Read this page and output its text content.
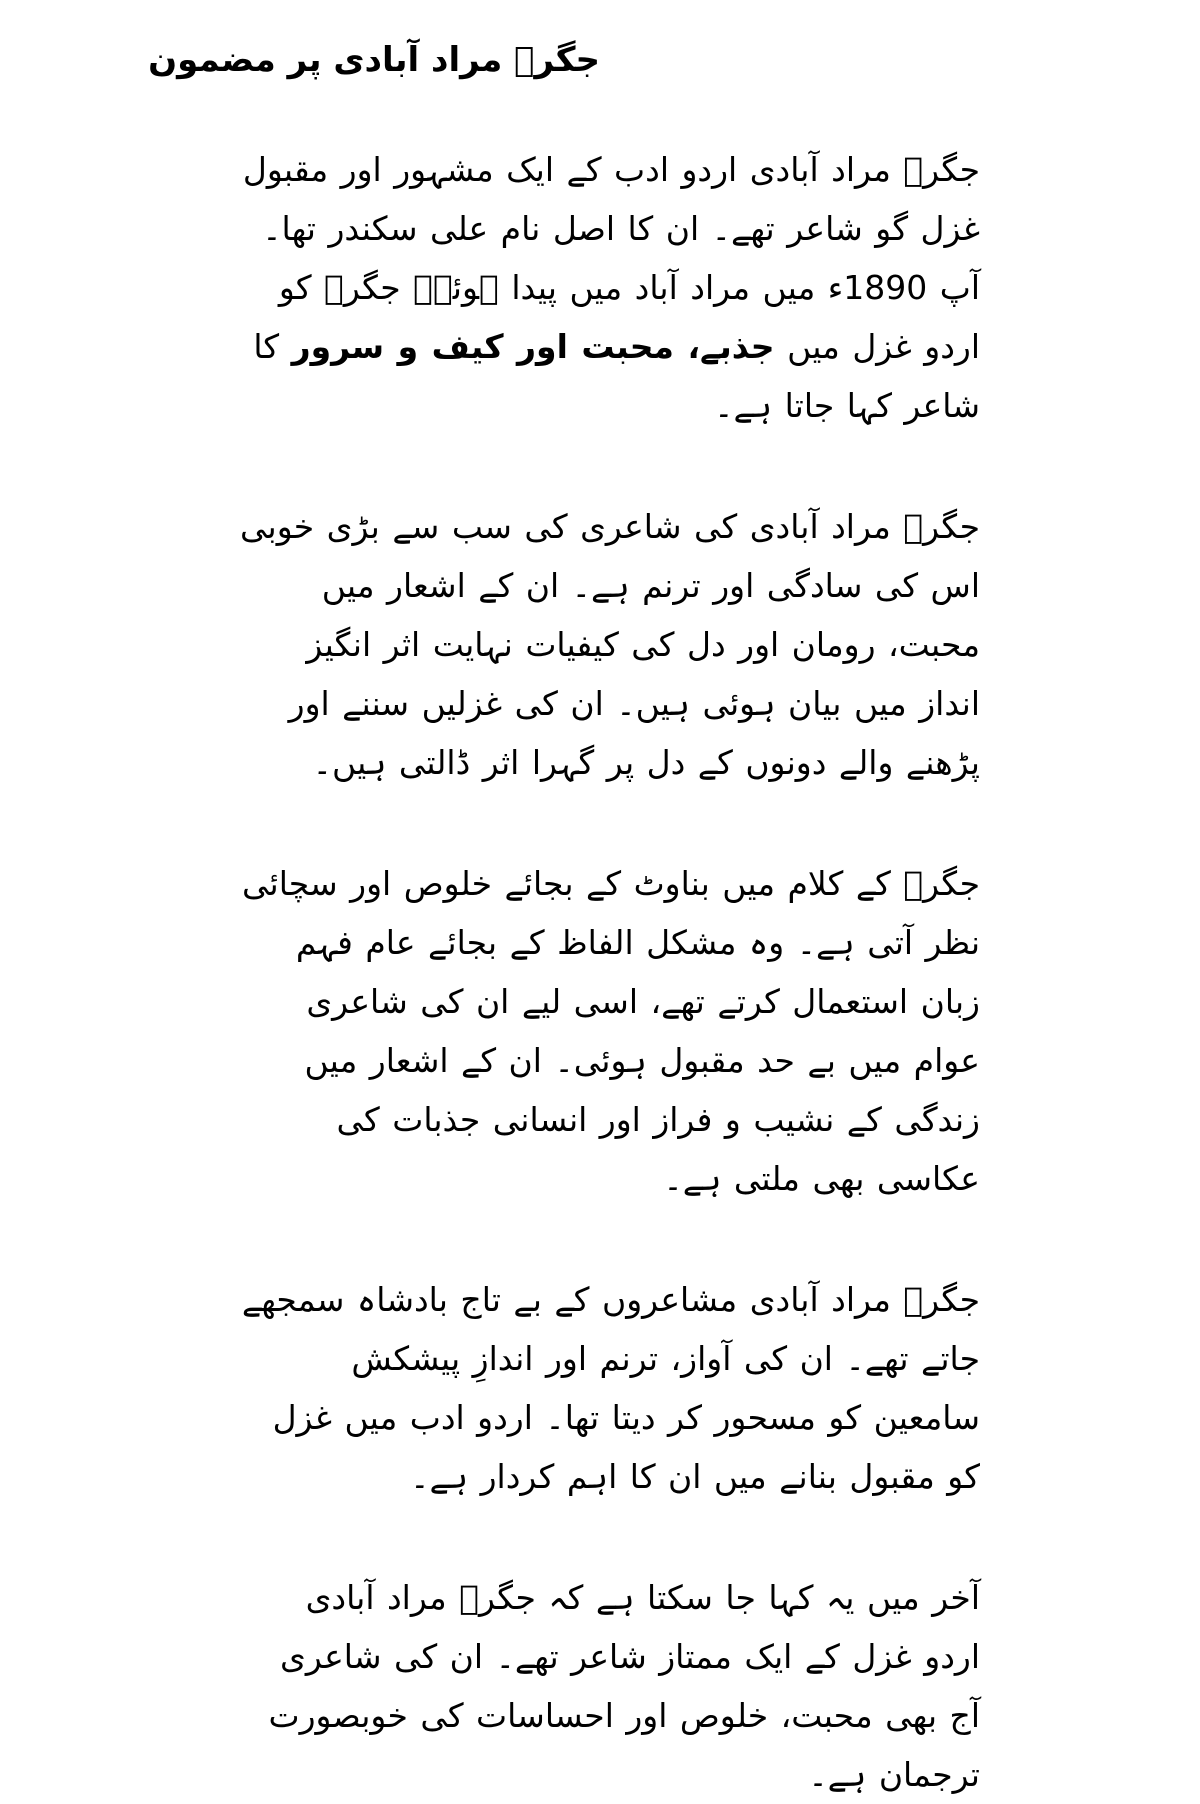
جگرؔ مراد آبادی پر مضمون

جگرؔ مراد آبادی اردو ادب کے ایک مشہور اور مقبول غزل گو شاعر تھے۔ ان کا اصل نام علی سکندر تھا۔ آپ 1890ء میں مراد آباد میں پیدا ہوئے۔ جگرؔ کو اردو غزل میں جذبے، محبت اور کیف و سرور کا شاعر کہا جاتا ہے۔

جگرؔ مراد آبادی کی شاعری کی سب سے بڑی خوبی اس کی سادگی اور ترنم ہے۔ ان کے اشعار میں محبت، رومان اور دل کی کیفیات نہایت اثر انگیز انداز میں بیان ہوئی ہیں۔ ان کی غزلیں سننے اور پڑھنے والے دونوں کے دل پر گہرا اثر ڈالتی ہیں۔

جگرؔ کے کلام میں بناوٹ کے بجائے خلوص اور سچائی نظر آتی ہے۔ وہ مشکل الفاظ کے بجائے عام فہم زبان استعمال کرتے تھے، اسی لیے ان کی شاعری عوام میں بے حد مقبول ہوئی۔ ان کے اشعار میں زندگی کے نشیب و فراز اور انسانی جذبات کی عکاسی بھی ملتی ہے۔

جگرؔ مراد آبادی مشاعروں کے بے تاج بادشاہ سمجھے جاتے تھے۔ ان کی آواز، ترنم اور اندازِ پیشکش سامعین کو مسحور کر دیتا تھا۔ اردو ادب میں غزل کو مقبول بنانے میں ان کا اہم کردار ہے۔

آخر میں یہ کہا جا سکتا ہے کہ جگرؔ مراد آبادی اردو غزل کے ایک ممتاز شاعر تھے۔ ان کی شاعری آج بھی محبت، خلوص اور احساسات کی خوبصورت ترجمان ہے۔
